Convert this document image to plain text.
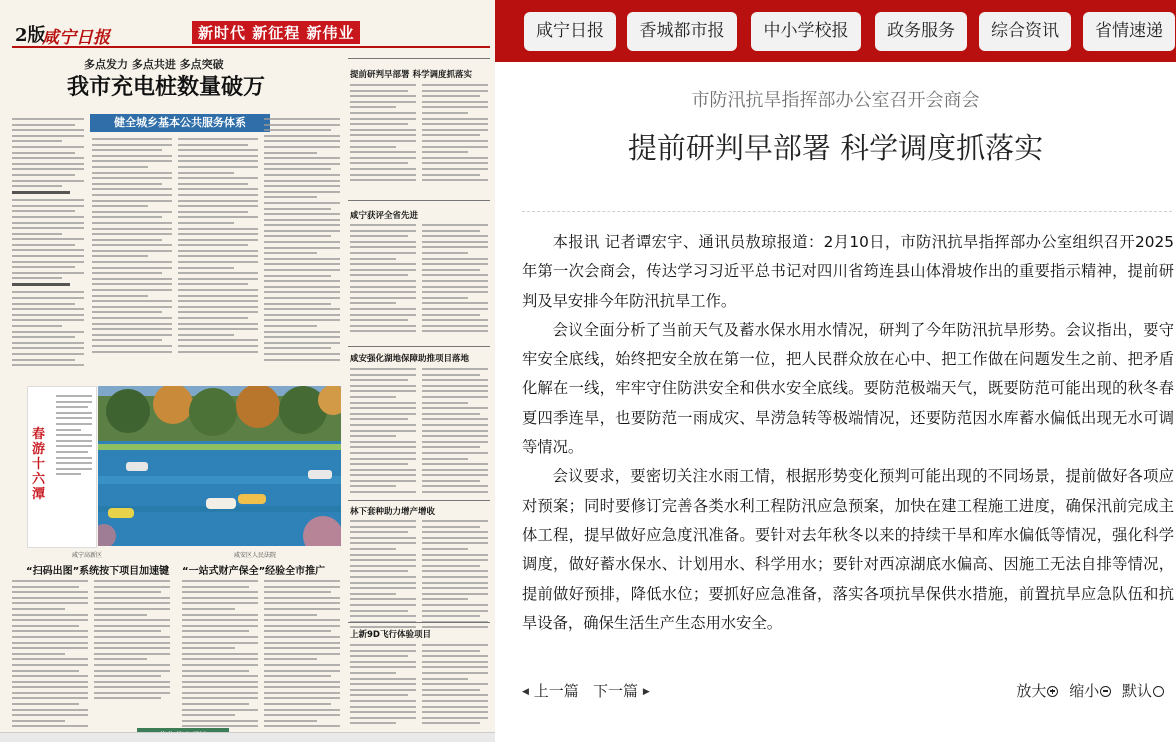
2版
咸宁日报	新时代 新征程 新伟业
多点发力 多点共进 多点突破
我市充电桩数量破万
健全城乡基本公共服务体系
提前研判早部署 科学调度抓落实
咸宁获评全省先进
咸安强化湖地保障助推项目落地
林下套种助力增产增收
上新9D飞行体验项目
春游十六潭
咸宁高新区
“扫码出图”系统按下项目加速键
咸安区人民法院
“一站式财产保全”经验全市推广
咸宁日报	香城都市报	中小学校报	政务服务	综合资讯	省情速递
市防汛抗旱指挥部办公室召开会商会
提前研判早部署 科学调度抓落实

本报讯 记者谭宏宇、通讯员敖琼报道：2月10日，市防汛抗旱指挥部办公室组织召开2025年第一次会商会，传达学习习近平总书记对四川省筠连县山体滑坡作出的重要指示精神，提前研判及早安排今年防汛抗旱工作。

会议全面分析了当前天气及蓄水保水用水情况，研判了今年防汛抗旱形势。会议指出，要守牢安全底线，始终把安全放在第一位，把人民群众放在心中、把工作做在问题发生之前、把矛盾化解在一线，牢牢守住防洪安全和供水安全底线。要防范极端天气，既要防范可能出现的秋冬春夏四季连旱，也要防范一雨成灾、旱涝急转等极端情况，还要防范因水库蓄水偏低出现无水可调等情况。

会议要求，要密切关注水雨工情，根据形势变化预判可能出现的不同场景，提前做好各项应对预案；同时要修订完善各类水利工程防汛应急预案，加快在建工程施工进度，确保汛前完成主体工程，提早做好应急度汛准备。要针对去年秋冬以来的持续干旱和库水偏低等情况，强化科学调度，做好蓄水保水、计划用水、科学用水；要针对西凉湖底水偏高、因施工无法自排等情况，提前做好预排，降低水位；要抓好应急准备，落实各项抗旱保供水措施，前置抗旱应急队伍和抗旱设备，确保生活生产生态用水安全。

◀ 上一篇 下一篇 ▶	放大 缩小 默认
